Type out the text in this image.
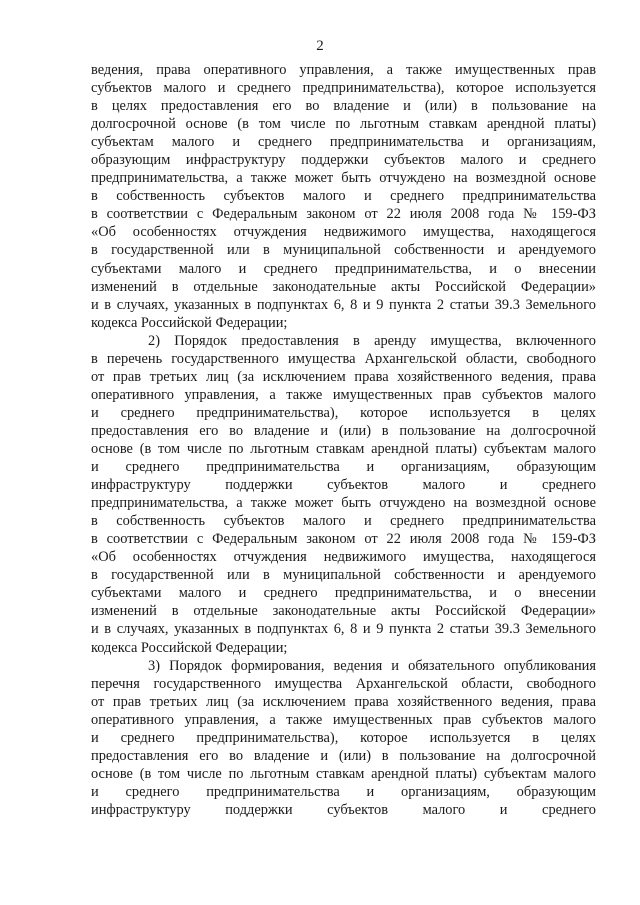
2
ведения, права оперативного управления, а также имущественных прав
субъектов малого и среднего предпринимательства), которое используется
в целях предоставления его во владение и (или) в пользование на
долгосрочной основе (в том числе по льготным ставкам арендной платы)
субъектам малого и среднего предпринимательства и организациям,
образующим инфраструктуру поддержки субъектов малого и среднего
предпринимательства, а также может быть отчуждено на возмездной основе
в собственность субъектов малого и среднего предпринимательства
в соответствии с Федеральным законом от 22 июля 2008 года № 159-ФЗ
«Об особенностях отчуждения недвижимого имущества, находящегося
в государственной или в муниципальной собственности и арендуемого
субъектами малого и среднего предпринимательства, и о внесении
изменений в отдельные законодательные акты Российской Федерации»
и в случаях, указанных в подпунктах 6, 8 и 9 пункта 2 статьи 39.3 Земельного
кодекса Российской Федерации;
2) Порядок предоставления в аренду имущества, включенного
в перечень государственного имущества Архангельской области, свободного
от прав третьих лиц (за исключением права хозяйственного ведения, права
оперативного управления, а также имущественных прав субъектов малого
и среднего предпринимательства), которое используется в целях
предоставления его во владение и (или) в пользование на долгосрочной
основе (в том числе по льготным ставкам арендной платы) субъектам малого
и среднего предпринимательства и организациям, образующим
инфраструктуру поддержки субъектов малого и среднего
предпринимательства, а также может быть отчуждено на возмездной основе
в собственность субъектов малого и среднего предпринимательства
в соответствии с Федеральным законом от 22 июля 2008 года № 159-ФЗ
«Об особенностях отчуждения недвижимого имущества, находящегося
в государственной или в муниципальной собственности и арендуемого
субъектами малого и среднего предпринимательства, и о внесении
изменений в отдельные законодательные акты Российской Федерации»
и в случаях, указанных в подпунктах 6, 8 и 9 пункта 2 статьи 39.3 Земельного
кодекса Российской Федерации;
3) Порядок формирования, ведения и обязательного опубликования
перечня государственного имущества Архангельской области, свободного
от прав третьих лиц (за исключением права хозяйственного ведения, права
оперативного управления, а также имущественных прав субъектов малого
и среднего предпринимательства), которое используется в целях
предоставления его во владение и (или) в пользование на долгосрочной
основе (в том числе по льготным ставкам арендной платы) субъектам малого
и среднего предпринимательства и организациям, образующим
инфраструктуру поддержки субъектов малого и среднего
